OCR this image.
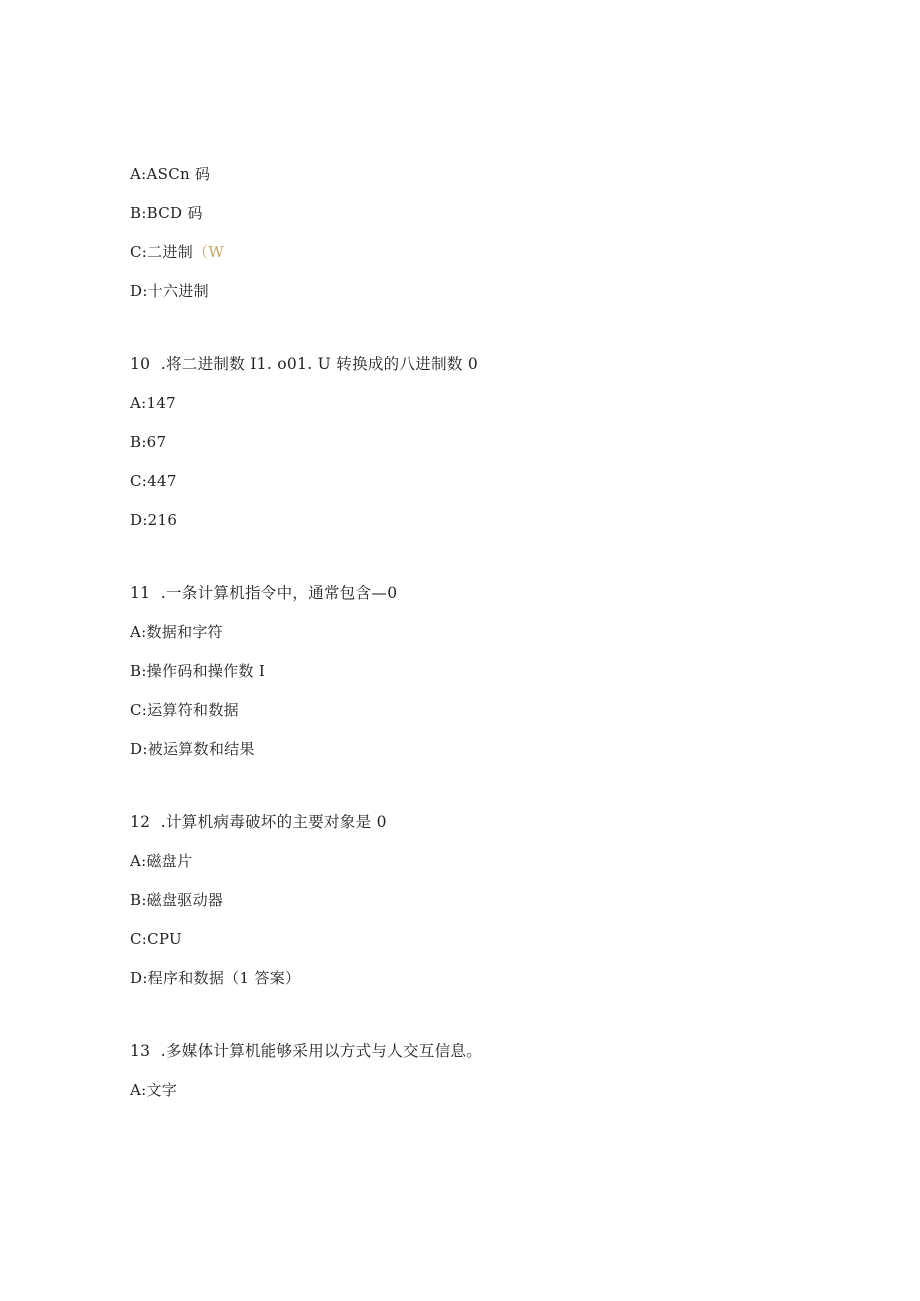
A:ASCn 码
B:BCD 码
C:二进制（W
D:十六进制
10  .将二进制数 I1. o01. U 转换成的八进制数 0
A:147
B:67
C:447
D:216
11  .一条计算机指令中，通常包含—0
A:数据和字符
B:操作码和操作数 I
C:运算符和数据
D:被运算数和结果
12  .计算机病毒破坏的主要对象是 0
A:磁盘片
B:磁盘驱动器
C:CPU
D:程序和数据（1 答案）
13  .多媒体计算机能够采用以方式与人交互信息。
A:文字
